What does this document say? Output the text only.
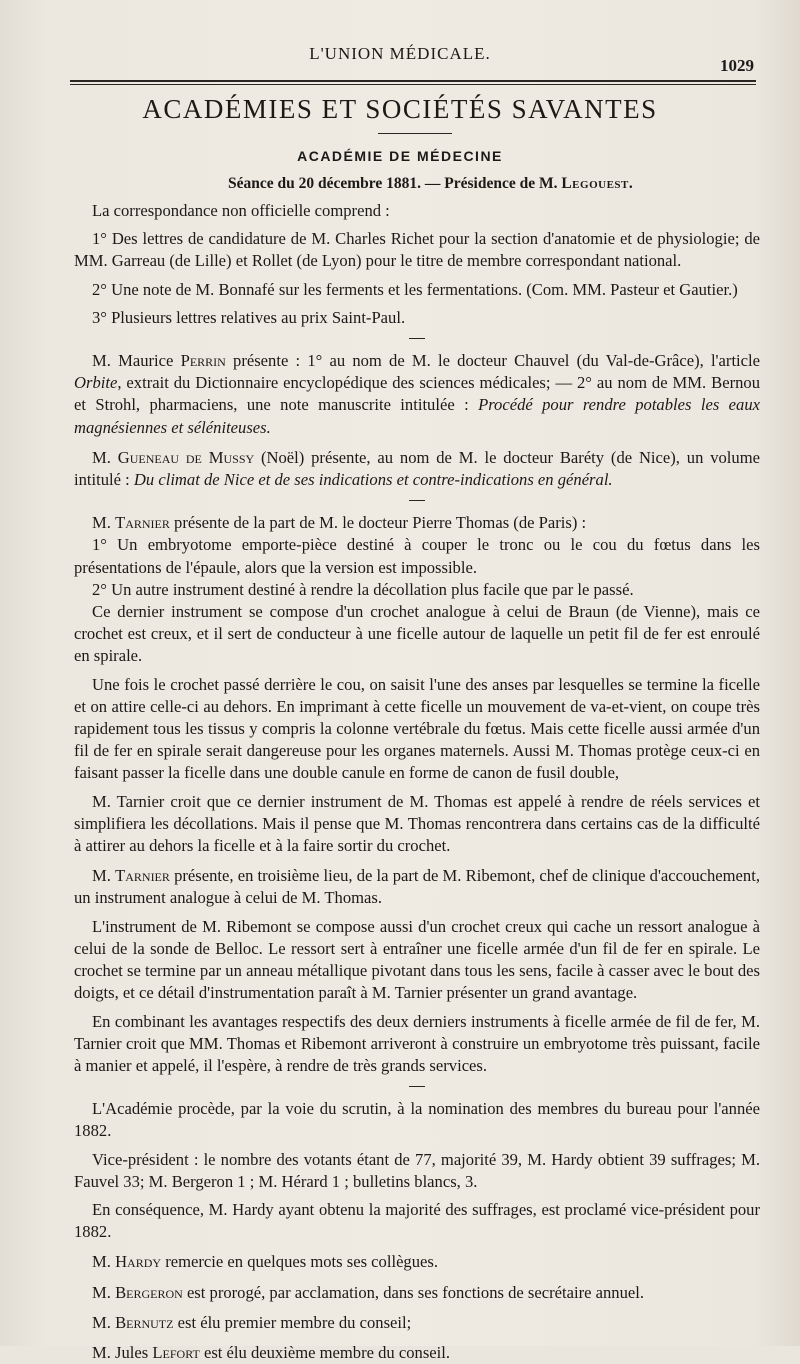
L'UNION MÉDICALE.
1029
ACADÉMIES ET SOCIÉTÉS SAVANTES
ACADÉMIE DE MÉDECINE
Séance du 20 décembre 1881. — Présidence de M. Legouest.

La correspondance non officielle comprend :

1° Des lettres de candidature de M. Charles Richet pour la section d'anatomie et de physiologie; de MM. Garreau (de Lille) et Rollet (de Lyon) pour le titre de membre correspondant national.

2° Une note de M. Bonnafé sur les ferments et les fermentations. (Com. MM. Pasteur et Gautier.)

3° Plusieurs lettres relatives au prix Saint-Paul.

M. Maurice Perrin présente : 1° au nom de M. le docteur Chauvel (du Val-de-Grâce), l'article Orbite, extrait du Dictionnaire encyclopédique des sciences médicales; — 2° au nom de MM. Bernou et Strohl, pharmaciens, une note manuscrite intitulée : Procédé pour rendre potables les eaux magnésiennes et séléniteuses.

M. Gueneau de Mussy (Noël) présente, au nom de M. le docteur Baréty (de Nice), un volume intitulé : Du climat de Nice et de ses indications et contre-indications en général.

M. Tarnier présente de la part de M. le docteur Pierre Thomas (de Paris) :

1° Un embryotome emporte-pièce destiné à couper le tronc ou le cou du fœtus dans les présentations de l'épaule, alors que la version est impossible.

2° Un autre instrument destiné à rendre la décollation plus facile que par le passé.

Ce dernier instrument se compose d'un crochet analogue à celui de Braun (de Vienne), mais ce crochet est creux, et il sert de conducteur à une ficelle autour de laquelle un petit fil de fer est enroulé en spirale.

Une fois le crochet passé derrière le cou, on saisit l'une des anses par lesquelles se termine la ficelle et on attire celle-ci au dehors. En imprimant à cette ficelle un mouvement de va-et-vient, on coupe très rapidement tous les tissus y compris la colonne vertébrale du fœtus. Mais cette ficelle aussi armée d'un fil de fer en spirale serait dangereuse pour les organes maternels. Aussi M. Thomas protège ceux-ci en faisant passer la ficelle dans une double canule en forme de canon de fusil double,

M. Tarnier croit que ce dernier instrument de M. Thomas est appelé à rendre de réels services et simplifiera les décollations. Mais il pense que M. Thomas rencontrera dans certains cas de la difficulté à attirer au dehors la ficelle et à la faire sortir du crochet.

M. Tarnier présente, en troisième lieu, de la part de M. Ribemont, chef de clinique d'accouchement, un instrument analogue à celui de M. Thomas.

L'instrument de M. Ribemont se compose aussi d'un crochet creux qui cache un ressort analogue à celui de la sonde de Belloc. Le ressort sert à entraîner une ficelle armée d'un fil de fer en spirale. Le crochet se termine par un anneau métallique pivotant dans tous les sens, facile à casser avec le bout des doigts, et ce détail d'instrumentation paraît à M. Tarnier présenter un grand avantage.

En combinant les avantages respectifs des deux derniers instruments à ficelle armée de fil de fer, M. Tarnier croit que MM. Thomas et Ribemont arriveront à construire un embryotome très puissant, facile à manier et appelé, il l'espère, à rendre de très grands services.

L'Académie procède, par la voie du scrutin, à la nomination des membres du bureau pour l'année 1882.

Vice-président : le nombre des votants étant de 77, majorité 39, M. Hardy obtient 39 suffrages; M. Fauvel 33; M. Bergeron 1 ; M. Hérard 1 ; bulletins blancs, 3.

En conséquence, M. Hardy ayant obtenu la majorité des suffrages, est proclamé vice-président pour 1882.

M. Hardy remercie en quelques mots ses collègues.

M. Bergeron est prorogé, par acclamation, dans ses fonctions de secrétaire annuel.

M. Bernutz est élu premier membre du conseil;

M. Jules Lefort est élu deuxième membre du conseil.
